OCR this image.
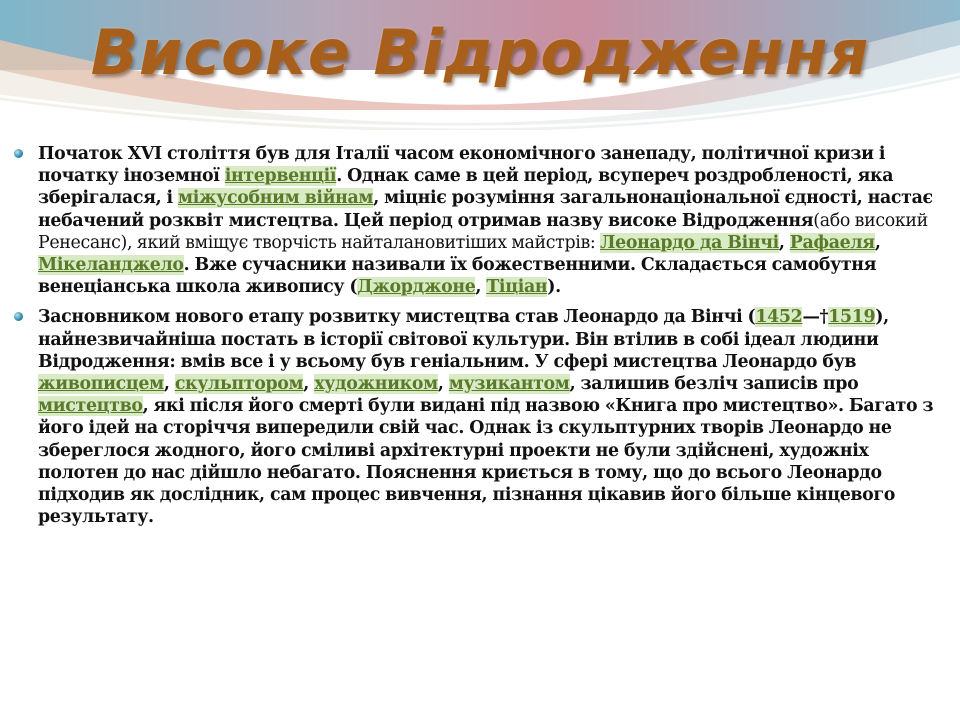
Високе Відродження

Початок XVI століття був для Італії часом економічного занепаду, політичної кризи і початку іноземної інтервенції. Однак саме в цей період, всупереч роздробленості, яка зберігалася, і міжусобним війнам, міцніє розуміння загальнонаціональної єдності, настає небачений розквіт мистецтва. Цей період отримав назву високе Відродження(або високий Ренесанс), який вміщує творчість найталановитіших майстрів: Леонардо да Вінчі, Рафаеля, Мікеланджело. Вже сучасники називали їх божественними. Складається самобутня венеціанська школа живопису (Джорджоне, Тіціан).

Засновником нового етапу розвитку мистецтва став Леонардо да Вінчі (1452—†1519), найнезвичайніша постать в історії світової культури. Він втілив в собі ідеал людини Відродження: вмів все і у всьому був геніальним. У сфері мистецтва Леонардо був живописцем, скульптором, художником, музикантом, залишив безліч записів про мистецтво, які після його смерті були видані під назвою «Книга про мистецтво». Багато з його ідей на сторіччя випередили свій час. Однак із скульптурних творів Леонардо не збереглося жодного, його сміливі архітектурні проекти не були здійснені, художніх полотен до нас дійшло небагато. Пояснення криється в тому, що до всього Леонардо підходив як дослідник, сам процес вивчення, пізнання цікавив його більше кінцевого результату.
